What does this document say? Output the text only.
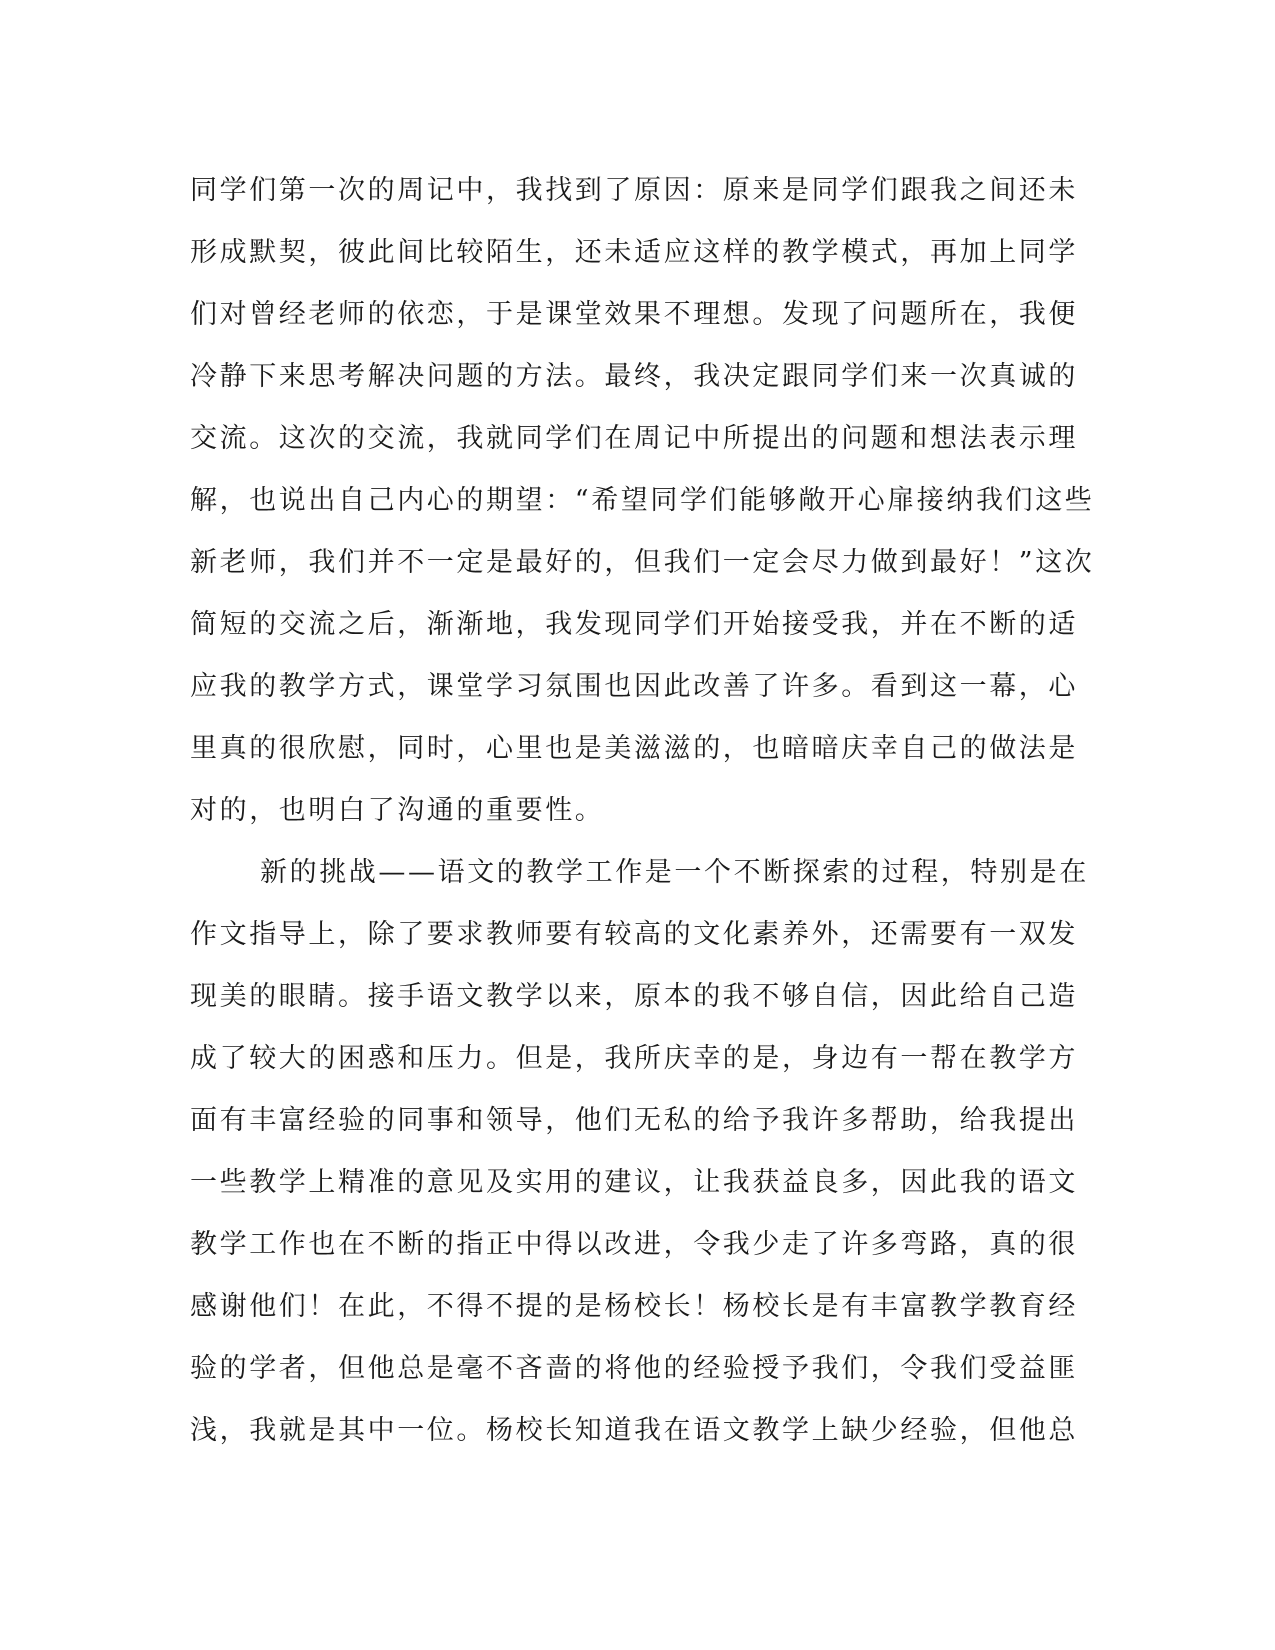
同学们第一次的周记中，我找到了原因：原来是同学们跟我之间还未
形成默契，彼此间比较陌生，还未适应这样的教学模式，再加上同学
们对曾经老师的依恋，于是课堂效果不理想。发现了问题所在，我便
冷静下来思考解决问题的方法。最终，我决定跟同学们来一次真诚的
交流。这次的交流，我就同学们在周记中所提出的问题和想法表示理
解，也说出自己内心的期望：“希望同学们能够敞开心扉接纳我们这些
新老师，我们并不一定是最好的，但我们一定会尽力做到最好！”这次
简短的交流之后，渐渐地，我发现同学们开始接受我，并在不断的适
应我的教学方式，课堂学习氛围也因此改善了许多。看到这一幕，心
里真的很欣慰，同时，心里也是美滋滋的，也暗暗庆幸自己的做法是
对的，也明白了沟通的重要性。
新的挑战——语文的教学工作是一个不断探索的过程，特别是在
作文指导上，除了要求教师要有较高的文化素养外，还需要有一双发
现美的眼睛。接手语文教学以来，原本的我不够自信，因此给自己造
成了较大的困惑和压力。但是，我所庆幸的是，身边有一帮在教学方
面有丰富经验的同事和领导，他们无私的给予我许多帮助，给我提出
一些教学上精准的意见及实用的建议，让我获益良多，因此我的语文
教学工作也在不断的指正中得以改进，令我少走了许多弯路，真的很
感谢他们！在此，不得不提的是杨校长！杨校长是有丰富教学教育经
验的学者，但他总是毫不吝啬的将他的经验授予我们，令我们受益匪
浅，我就是其中一位。杨校长知道我在语文教学上缺少经验，但他总
